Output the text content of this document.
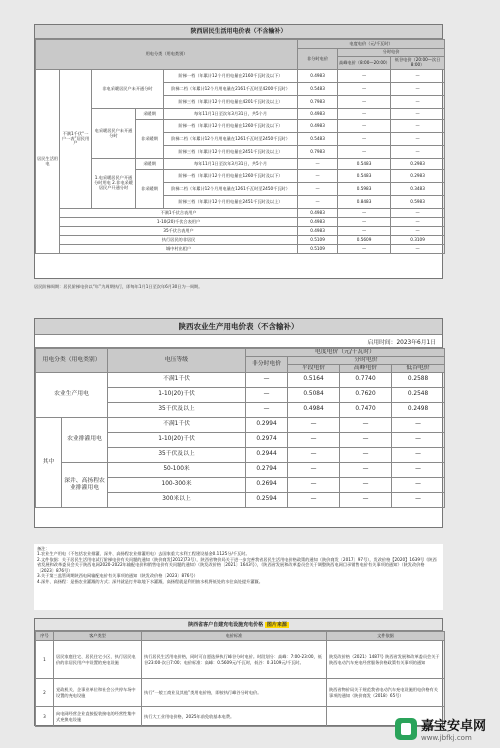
陕西居民生活用电价表（不含输补）
用电分类（用电类别）					电度电价（元/千瓦时）		
					非分时电价	分时电价	
						高峰电价（8:00—20:00）	低谷电价（20:00—次日8:00）
居民生活用电	不满1千伏“一户一表”居民用户	非电采暖居民户未开通分时		阶梯一档（年累计12个月用电量在2160千瓦时及以下）	0.4983	—	—
				阶梯二档（年累计12个月用电量在2161千瓦时至4200千瓦时）	0.5483	—	—
				阶梯三档（年累计12个月用电量在4201千瓦时及以上）	0.7983	—	—
		电采暖居民户未开通分时	采暖期	每年11月1日至次年3月31日，共5个月	0.4983	—	—
			非采暖期	阶梯一档（年累计12个月用电量在1260千瓦时及以下）	0.4983	—	—
				阶梯二档（年累计12个月用电量在1261千瓦时至2450千瓦时）	0.5483	—	—
				阶梯三档（年累计12个月用电量在2451千瓦时及以上）	0.7983	—	—
		1.电采暖居民户开通分时用电 2.非电采暖居民户开通分时	采暖期	每年11月1日至次年3月31日，共5个月	—	0.5483	0.2983
			非采暖期	阶梯一档（年累计12个月用电量在1260千瓦时及以下）	—	0.5483	0.2983
				阶梯二档（年累计12个月用电量在1261千瓦时至2450千瓦时）	—	0.5983	0.3483
				阶梯三档（年累计12个月用电量在2451千瓦时及以上）	—	0.8483	0.5983
	不满1千伏合表用户				0.4983	—	—
	1-10(20)千伏合表用户				0.4983	—	—
	35千伏合表用户				0.4983	—	—
	执行居民的非居民				0.5109	0.5609	0.3109
	城中村出租户				0.5109	—	—
居民阶梯周期：居民阶梯电价以“年”为周期执行，即每年1月1日至次年6月30日为一周期。
陕西农业生产用电价表（不含输补）
启用时间：2023年6月1日
用电分类（用电类别）		电压等级	电度电价（元/千瓦时）			
			非分时电价	分时电价		
				平段电价	高峰电价	低谷电价
农业生产用电		不满1千伏	—	0.5164	0.7740	0.2588
		1-10(20)千伏	—	0.5084	0.7620	0.2548
		35千伏及以上	—	0.4984	0.7470	0.2498
其中	农业排灌用电	不满1千伏	0.2994	—	—	—
		1-10(20)千伏	0.2974	—	—	—
		35千伏及以上	0.2944	—	—	—
	深井、高扬程农业排灌用电	50-100米	0.2794	—	—	—
		100-300米	0.2694	—	—	—
		300米以上	0.2594	—	—	—
备注：
1.农业生产用电（不包括农业排灌、深井、高扬程农业排灌用电）去国家重大水利工程建设基金0.1125分/千瓦时。
2.文件依据：关于居民生活用电试行阶梯电价有关问题的通知（陕价商发[2012]73号），陕西省物价局关于进一步完善我省居民生活用电价格政策的通知（陕价商发〔2017〕97号），发改价格【2020】1639号《陕西省发展和改革委员会关于陕西电网2020-2022年输配电价和销售电价有关问题的通知》（陕发改价格〔2021〕1643号），《陕西省发展和改革委员会关于调整陕西电网目录销售电价有关事项的通知》（陕发改价格〔2023〕876号）
3.关于第三监管周期陕西电网输配电价有关事项的通知（陕发改价格〔2023〕876号）
4.深井、高扬程：是指农业灌溉的方式；深井就是打井取地下水灌溉，高扬程就是利用抽水机将低处的水往高处提升灌溉。
陕西省客户自建充电设施充电价格 图片来源
序号	客户类型	电价标准	文件依据
1	居民家庭住宅、居民住宅小区、执行居民电价的非居民用户中设置的充电设施	执行居民生活用电价格，同时可自愿选择执行峰谷分时电价。时段划分：高峰：7:00-23:00，低谷23:00-次日7:00；电价标准：高峰：0.5609元/千瓦时，低谷：0.3109元/千瓦时。	陕发改价格（2021）1487号 陕西省发展和改革委员会关于陕西电动汽车充电经营服务价格政策有关事项的通知
2	党政机关、企事业单位和社会公共停车场中设置的充电设施	执行“一般工商业及其他”类用电价格，即按执行峰谷分时电价。	陕西省物价局关于规范我省电动汽车充电设施用电价格有关事项的通知（陕价商发（2018）65号）
3	向电网经营企业直接报装接电的经营性集中式充换电设施	执行大工业用电价格，2025年前免收基本电费。	
嘉宝安卓网
www.jbfkj.com
